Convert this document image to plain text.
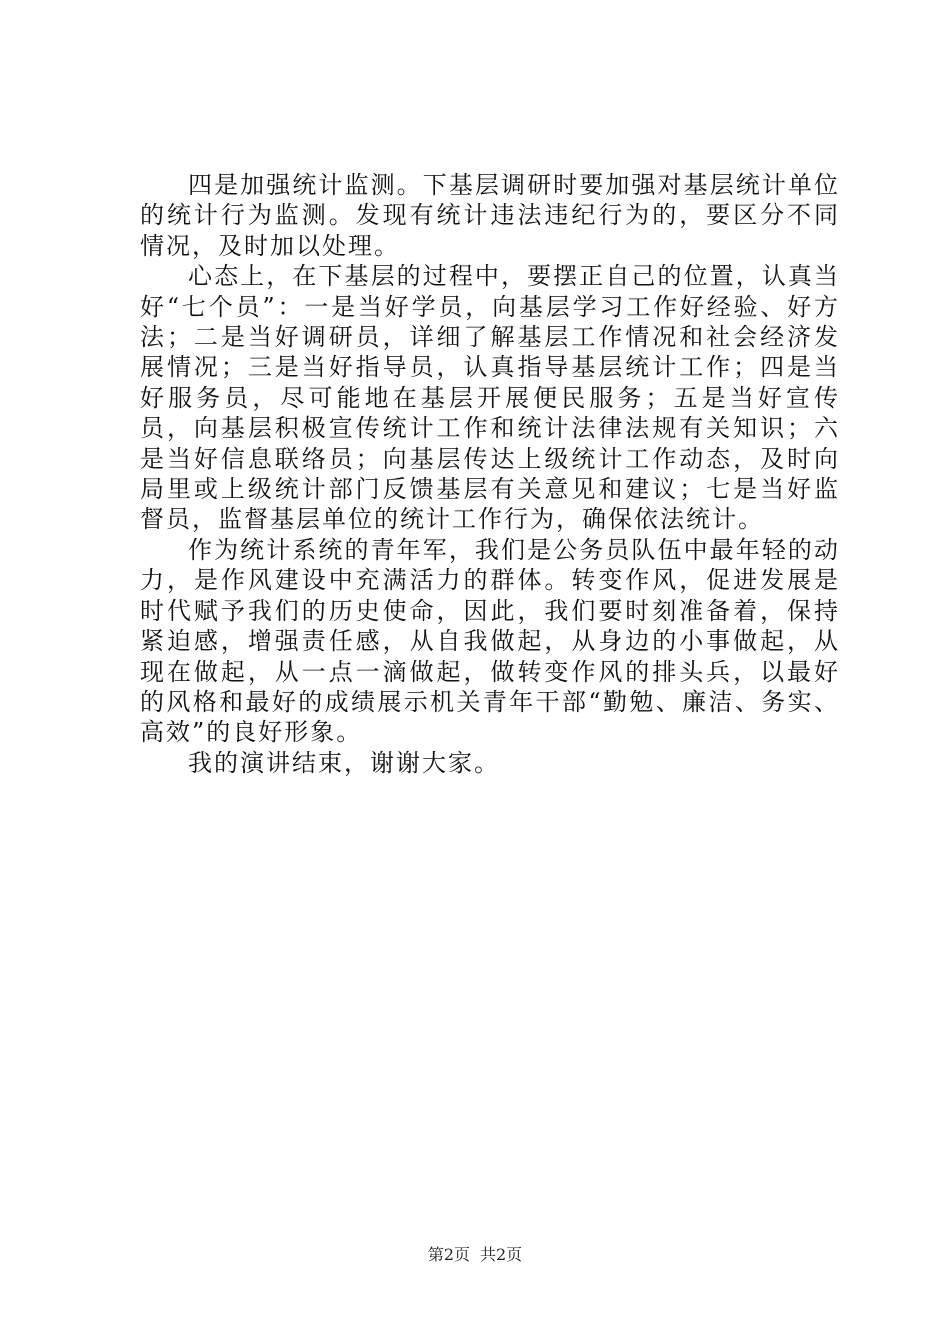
四是加强统计监测。下基层调研时要加强对基层统计单位的统计行为监测。发现有统计违法违纪行为的，要区分不同情况，及时加以处理。

心态上，在下基层的过程中，要摆正自己的位置，认真当好“七个员”：一是当好学员，向基层学习工作好经验、好方法；二是当好调研员，详细了解基层工作情况和社会经济发展情况；三是当好指导员，认真指导基层统计工作；四是当好服务员，尽可能地在基层开展便民服务；五是当好宣传员，向基层积极宣传统计工作和统计法律法规有关知识；六是当好信息联络员；向基层传达上级统计工作动态，及时向局里或上级统计部门反馈基层有关意见和建议；七是当好监督员，监督基层单位的统计工作行为，确保依法统计。

作为统计系统的青年军，我们是公务员队伍中最年轻的动力，是作风建设中充满活力的群体。转变作风，促进发展是时代赋予我们的历史使命，因此，我们要时刻准备着，保持紧迫感，增强责任感，从自我做起，从身边的小事做起，从现在做起，从一点一滴做起，做转变作风的排头兵，以最好的风格和最好的成绩展示机关青年干部“勤勉、廉洁、务实、高效”的良好形象。

我的演讲结束，谢谢大家。

第2页 共2页
